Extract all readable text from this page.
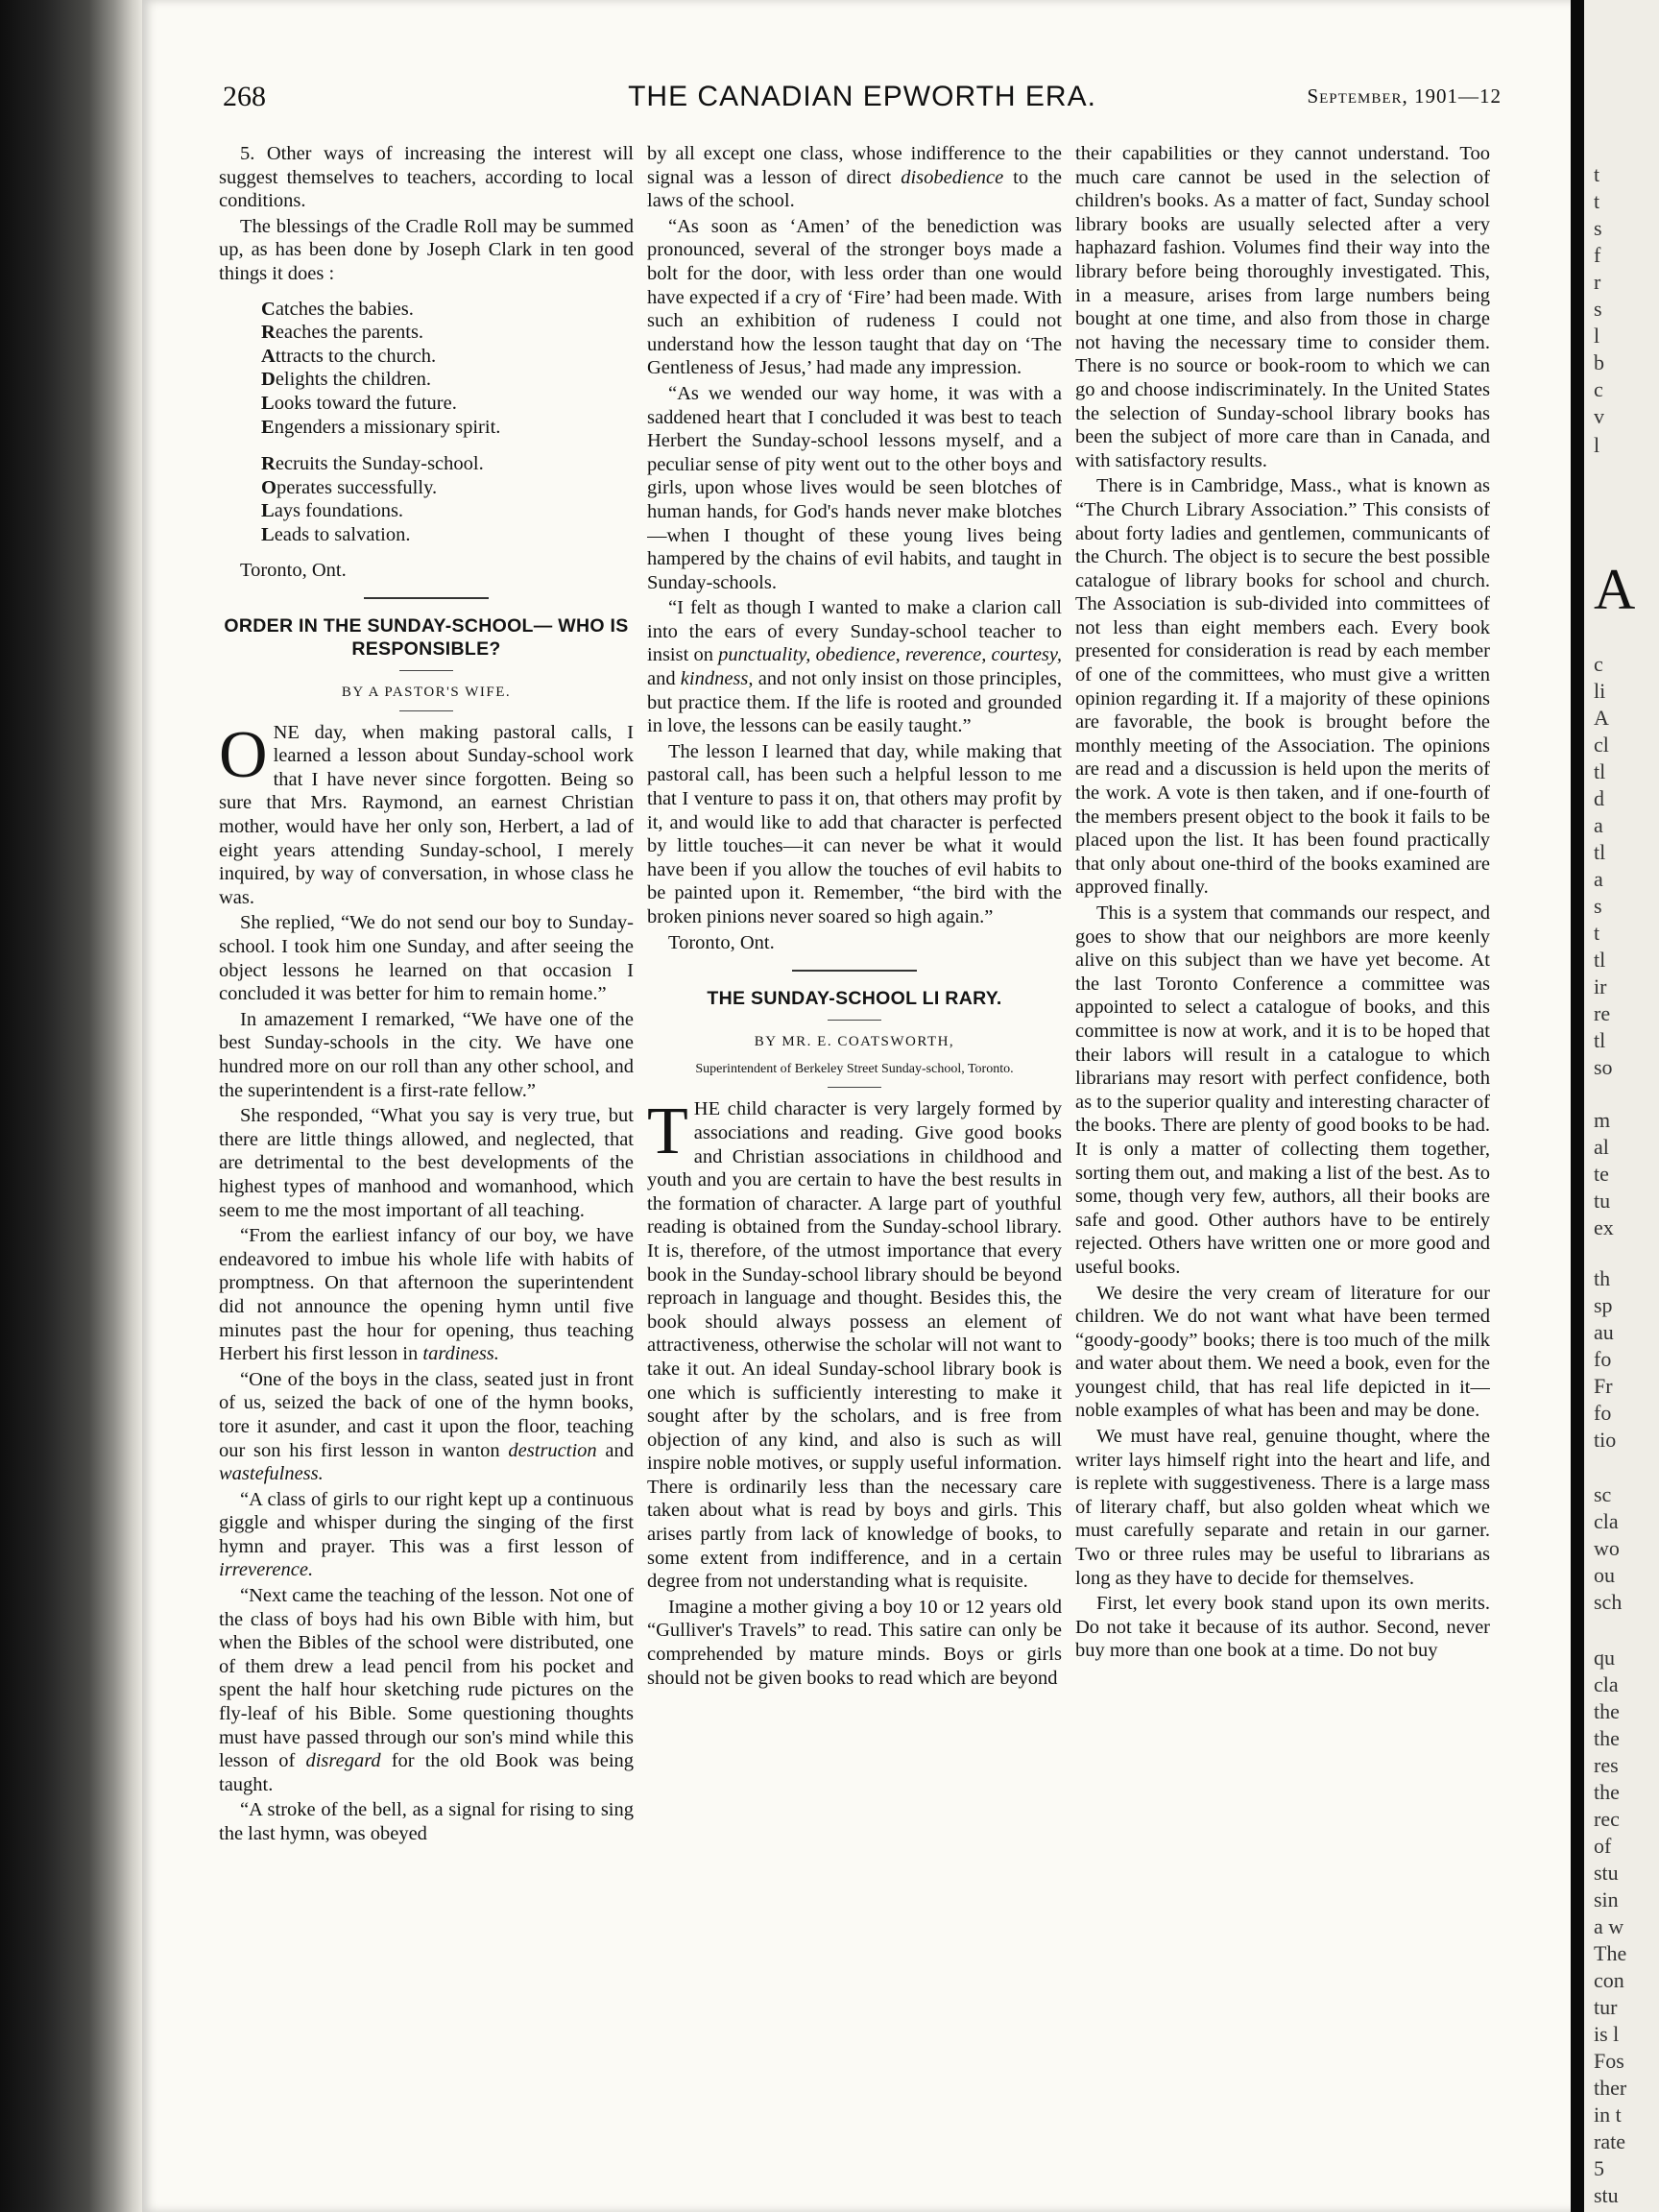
268	THE CANADIAN EPWORTH ERA.	September, 1901—12

5. Other ways of increasing the interest will suggest themselves to teachers, according to local conditions.

The blessings of the Cradle Roll may be summed up, as has been done by Joseph Clark in ten good things it does :

Catches the babies.
Reaches the parents.
Attracts to the church.
Delights the children.
Looks toward the future.
Engenders a missionary spirit.
Recruits the Sunday-school.
Operates successfully.
Lays foundations.
Leads to salvation.
Toronto, Ont.
ORDER IN THE SUNDAY-SCHOOL— WHO IS RESPONSIBLE?
BY A PASTOR'S WIFE.

ONE day, when making pastoral calls, I learned a lesson about Sunday-school work that I have never since forgotten. Being so sure that Mrs. Raymond, an earnest Christian mother, would have her only son, Herbert, a lad of eight years attending Sunday-school, I merely inquired, by way of conversation, in whose class he was.

She replied, “We do not send our boy to Sunday-school. I took him one Sunday, and after seeing the object lessons he learned on that occasion I concluded it was better for him to remain home.”

In amazement I remarked, “We have one of the best Sunday-schools in the city. We have one hundred more on our roll than any other school, and the superintendent is a first-rate fellow.”

She responded, “What you say is very true, but there are little things allowed, and neglected, that are detrimental to the best developments of the highest types of manhood and womanhood, which seem to me the most important of all teaching.

“From the earliest infancy of our boy, we have endeavored to imbue his whole life with habits of promptness. On that afternoon the superintendent did not announce the opening hymn until five minutes past the hour for opening, thus teaching Herbert his first lesson in tardiness.

“One of the boys in the class, seated just in front of us, seized the back of one of the hymn books, tore it asunder, and cast it upon the floor, teaching our son his first lesson in wanton destruction and wastefulness.

“A class of girls to our right kept up a continuous giggle and whisper during the singing of the first hymn and prayer. This was a first lesson of irreverence.

“Next came the teaching of the lesson. Not one of the class of boys had his own Bible with him, but when the Bibles of the school were distributed, one of them drew a lead pencil from his pocket and spent the half hour sketching rude pictures on the fly-leaf of his Bible. Some questioning thoughts must have passed through our son's mind while this lesson of disregard for the old Book was being taught.

“A stroke of the bell, as a signal for rising to sing the last hymn, was obeyed

by all except one class, whose indifference to the signal was a lesson of direct disobedience to the laws of the school.

“As soon as ‘Amen’ of the benediction was pronounced, several of the stronger boys made a bolt for the door, with less order than one would have expected if a cry of ‘Fire’ had been made. With such an exhibition of rudeness I could not understand how the lesson taught that day on ‘The Gentleness of Jesus,’ had made any impression.

“As we wended our way home, it was with a saddened heart that I concluded it was best to teach Herbert the Sunday-school lessons myself, and a peculiar sense of pity went out to the other boys and girls, upon whose lives would be seen blotches of human hands, for God's hands never make blotches—when I thought of these young lives being hampered by the chains of evil habits, and taught in Sunday-schools.

“I felt as though I wanted to make a clarion call into the ears of every Sunday-school teacher to insist on punctuality, obedience, reverence, courtesy, and kindness, and not only insist on those principles, but practice them. If the life is rooted and grounded in love, the lessons can be easily taught.”

The lesson I learned that day, while making that pastoral call, has been such a helpful lesson to me that I venture to pass it on, that others may profit by it, and would like to add that character is perfected by little touches—it can never be what it would have been if you allow the touches of evil habits to be painted upon it. Remember, “the bird with the broken pinions never soared so high again.”

Toronto, Ont.
THE SUNDAY-SCHOOL LI RARY.
BY MR. E. COATSWORTH,
Superintendent of Berkeley Street Sunday-school, Toronto.

THE child character is very largely formed by associations and reading. Give good books and Christian associations in childhood and youth and you are certain to have the best results in the formation of character. A large part of youthful reading is obtained from the Sunday-school library. It is, therefore, of the utmost importance that every book in the Sunday-school library should be beyond reproach in language and thought. Besides this, the book should always possess an element of attractiveness, otherwise the scholar will not want to take it out. An ideal Sunday-school library book is one which is sufficiently interesting to make it sought after by the scholars, and is free from objection of any kind, and also is such as will inspire noble motives, or supply useful information. There is ordinarily less than the necessary care taken about what is read by boys and girls. This arises partly from lack of knowledge of books, to some extent from indifference, and in a certain degree from not understanding what is requisite.

Imagine a mother giving a boy 10 or 12 years old “Gulliver's Travels” to read. This satire can only be comprehended by mature minds. Boys or girls should not be given books to read which are beyond

their capabilities or they cannot understand. Too much care cannot be used in the selection of children's books. As a matter of fact, Sunday school library books are usually selected after a very haphazard fashion. Volumes find their way into the library before being thoroughly investigated. This, in a measure, arises from large numbers being bought at one time, and also from those in charge not having the necessary time to consider them. There is no source or book-room to which we can go and choose indiscriminately. In the United States the selection of Sunday-school library books has been the subject of more care than in Canada, and with satisfactory results.

There is in Cambridge, Mass., what is known as “The Church Library Association.” This consists of about forty ladies and gentlemen, communicants of the Church. The object is to secure the best possible catalogue of library books for school and church. The Association is sub-divided into committees of not less than eight members each. Every book presented for consideration is read by each member of one of the committees, who must give a written opinion regarding it. If a majority of these opinions are favorable, the book is brought before the monthly meeting of the Association. The opinions are read and a discussion is held upon the merits of the work. A vote is then taken, and if one-fourth of the members present object to the book it fails to be placed upon the list. It has been found practically that only about one-third of the books examined are approved finally.

This is a system that commands our respect, and goes to show that our neighbors are more keenly alive on this subject than we have yet become. At the last Toronto Conference a committee was appointed to select a catalogue of books, and this committee is now at work, and it is to be hoped that their labors will result in a catalogue to which librarians may resort with perfect confidence, both as to the superior quality and interesting character of the books. There are plenty of good books to be had. It is only a matter of collecting them together, sorting them out, and making a list of the best. As to some, though very few, authors, all their books are safe and good. Other authors have to be entirely rejected. Others have written one or more good and useful books.

We desire the very cream of literature for our children. We do not want what have been termed “goody-goody” books; there is too much of the milk and water about them. We need a book, even for the youngest child, that has real life depicted in it—noble examples of what has been and may be done.

We must have real, genuine thought, where the writer lays himself right into the heart and life, and is replete with suggestiveness. There is a large mass of literary chaff, but also golden wheat which we must carefully separate and retain in our garner. Two or three rules may be useful to librarians as long as they have to decide for themselves.

First, let every book stand upon its own merits. Do not take it because of its author. Second, never buy more than one book at a time. Do not buy

A
t
t
s
f
r
s
l
b
c
v
l
c
li
A
cl
tl
d
a
tl
a
s
t
tl
ir
re
tl
so
m
al
te
tu
ex
th
sp
au
fo
Fr
fo
tio
sc
cla
wo
ou
sch
qu
cla
the
the
res
the
rec
of
stu
sin
a w
The
con
tur
is l
Fos
ther
in t
rate
5
stu
